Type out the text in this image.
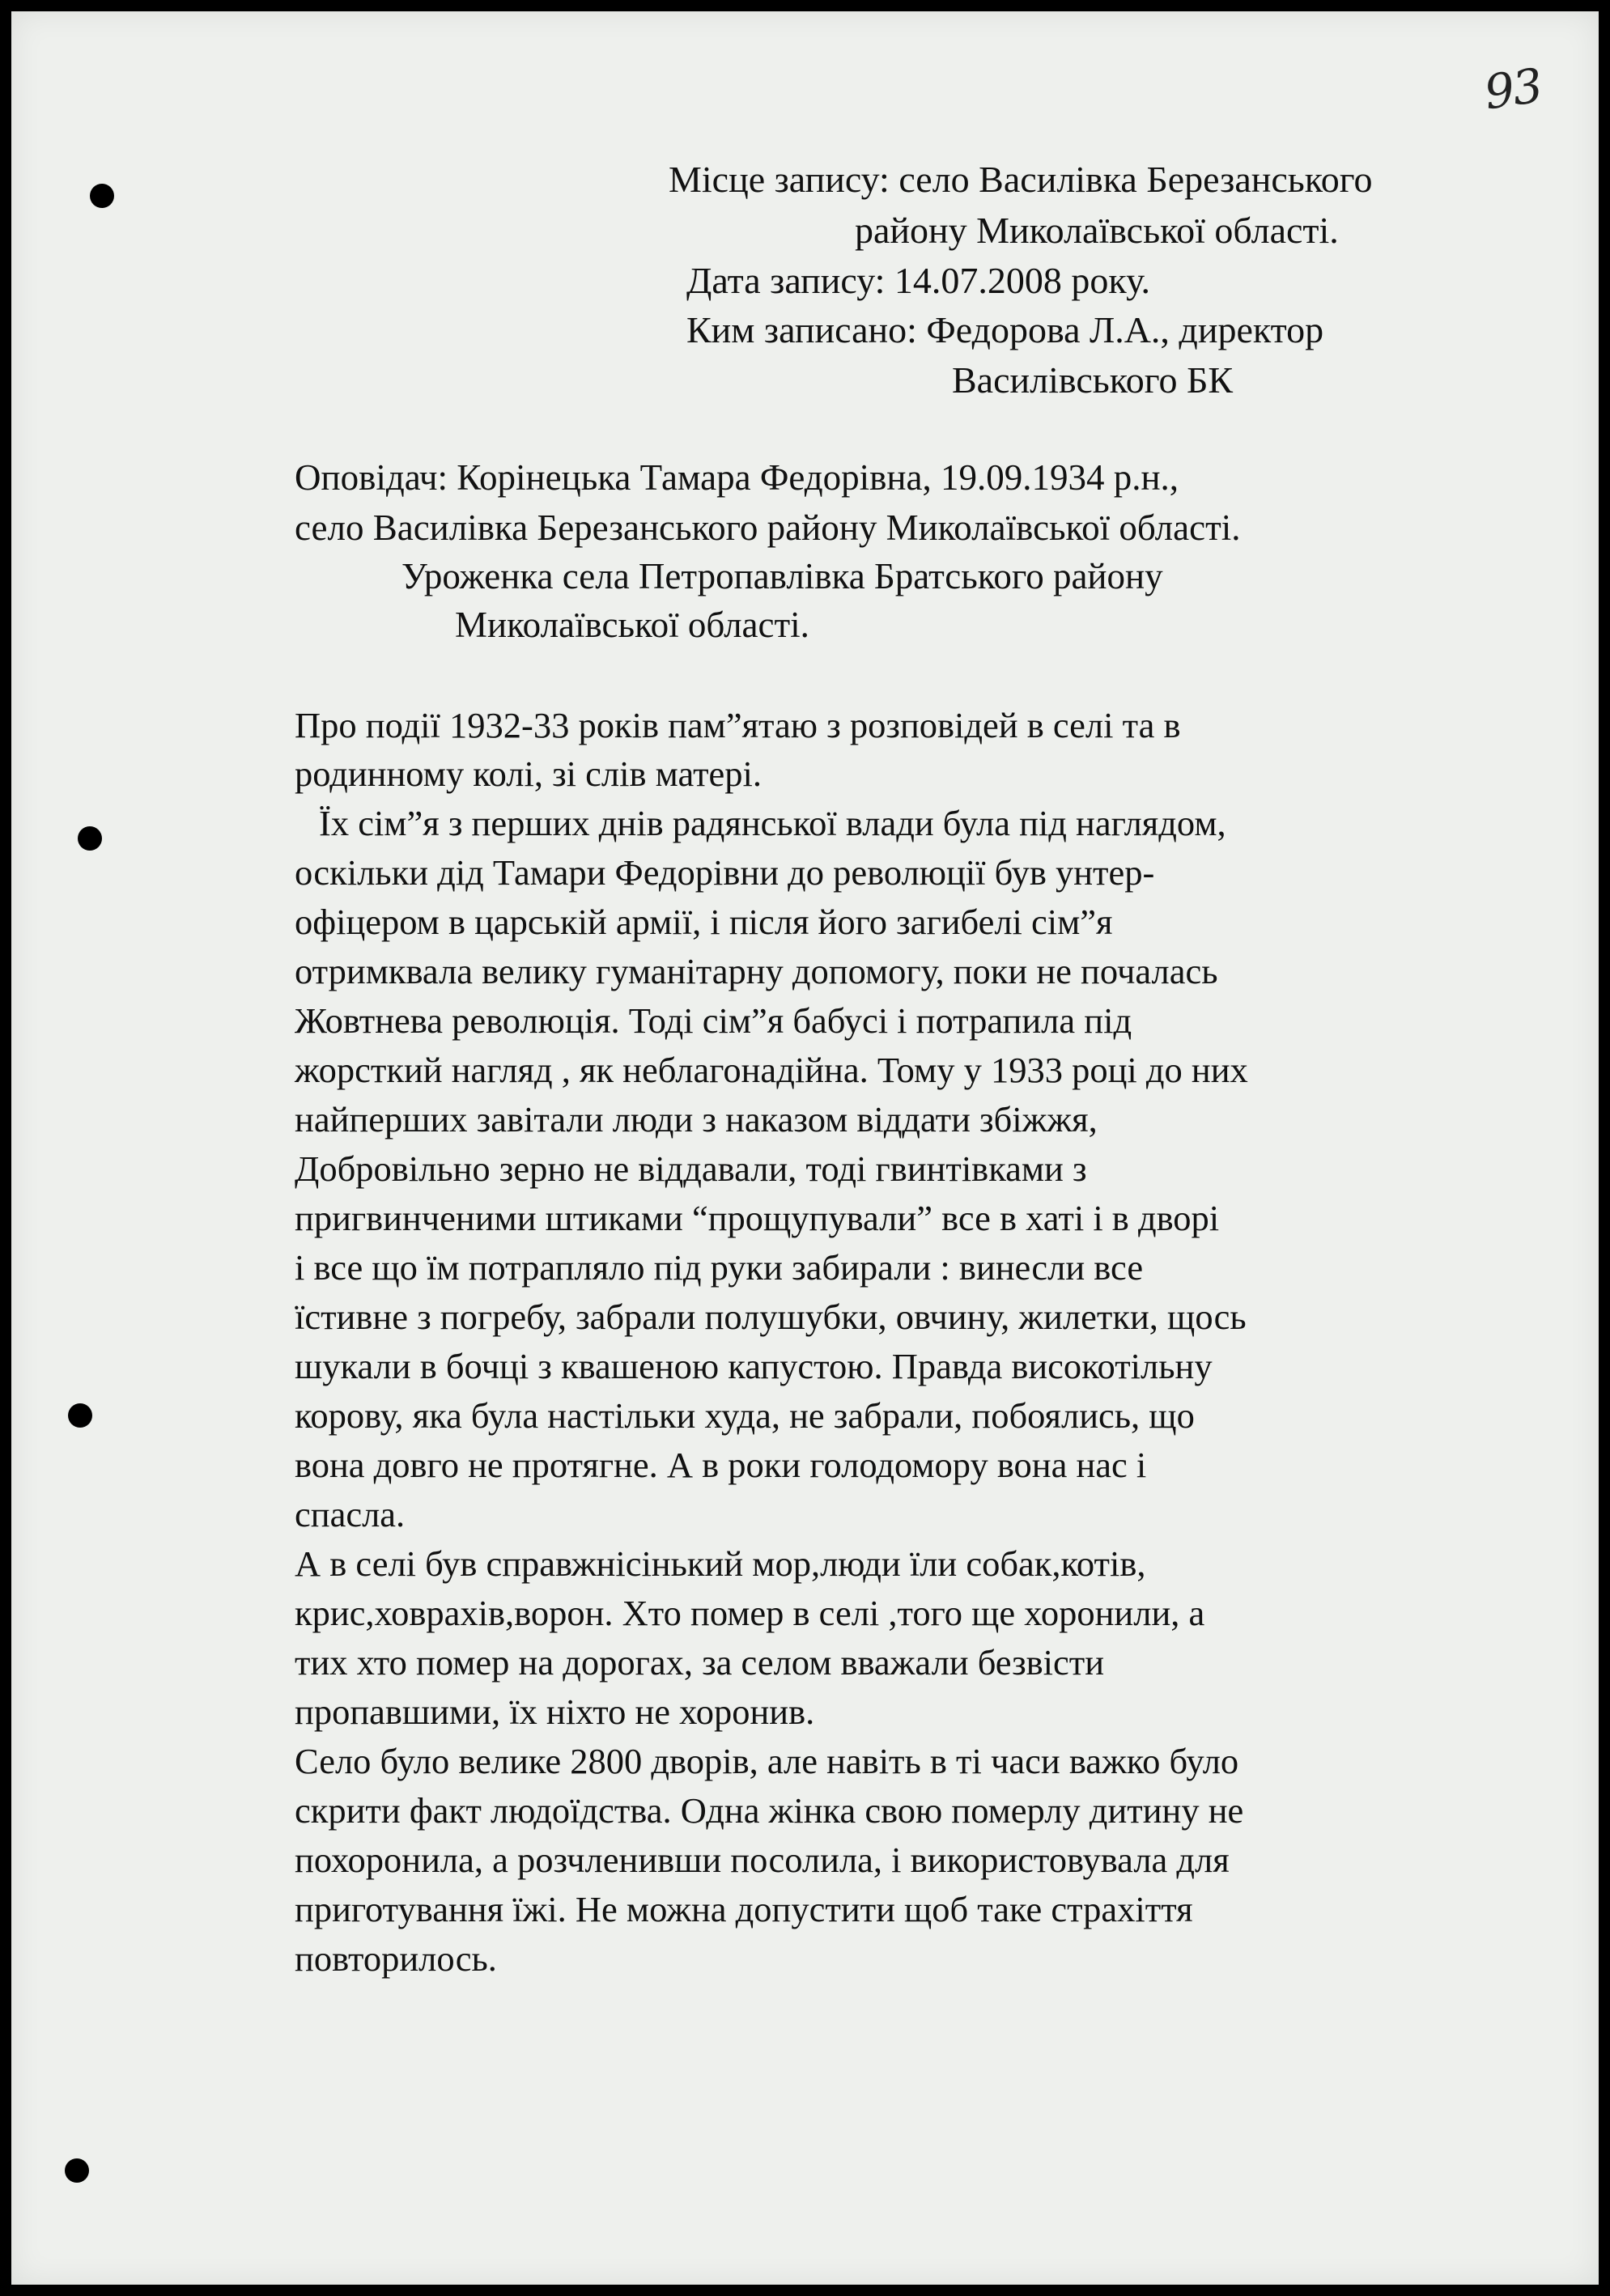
93

Місце запису: село Василівка Березанського

району Миколаївської області.

Дата запису: 14.07.2008 року.

Ким записано: Федорова Л.А., директор

Василівського БК

Оповідач: Корінецька Тамара Федорівна, 19.09.1934 р.н.,

село Василівка Березанського району Миколаївської області.

Уроженка села Петропавлівка Братського району

Миколаївської області.

Про події 1932-33 років пам”ятаю з розповідей в селі та в

родинному колі, зі слів матері.

Їх сім”я з перших днів радянської влади була під наглядом,

оскільки дід Тамари Федорівни до революції був унтер-

офіцером в царській армії, і після його загибелі сім”я

отримквала велику гуманітарну допомогу, поки не почалась

Жовтнева революція. Тоді сім”я бабусі і потрапила під

жорсткий нагляд , як неблагонадійна. Тому у 1933 році до них

найперших завітали люди з наказом віддати збіжжя,

Добровільно зерно не віддавали, тоді гвинтівками з

пригвинченими штиками “прощупували” все в хаті і в дворі

і все що їм потрапляло під руки забирали : винесли все

їстивне з погребу, забрали полушубки, овчину, жилетки, щось

шукали в бочці з квашеною капустою. Правда високотільну

корову, яка була настільки худа, не забрали, побоялись, що

вона довго не протягне. А в роки голодомору вона нас і

спасла.

А в селі був справжнісінький мор,люди їли собак,котів,

крис,ховрахів,ворон. Хто помер в селі ,того ще хоронили, а

тих хто помер на дорогах, за селом вважали безвісти

пропавшими, їх ніхто не хоронив.

Село було велике 2800 дворів, але навіть в ті часи важко було

скрити факт людоїдства. Одна жінка свою померлу дитину не

похоронила, а розчленивши посолила, і використовувала для

приготування їжі. Не можна допустити щоб таке страхіття

повторилось.
